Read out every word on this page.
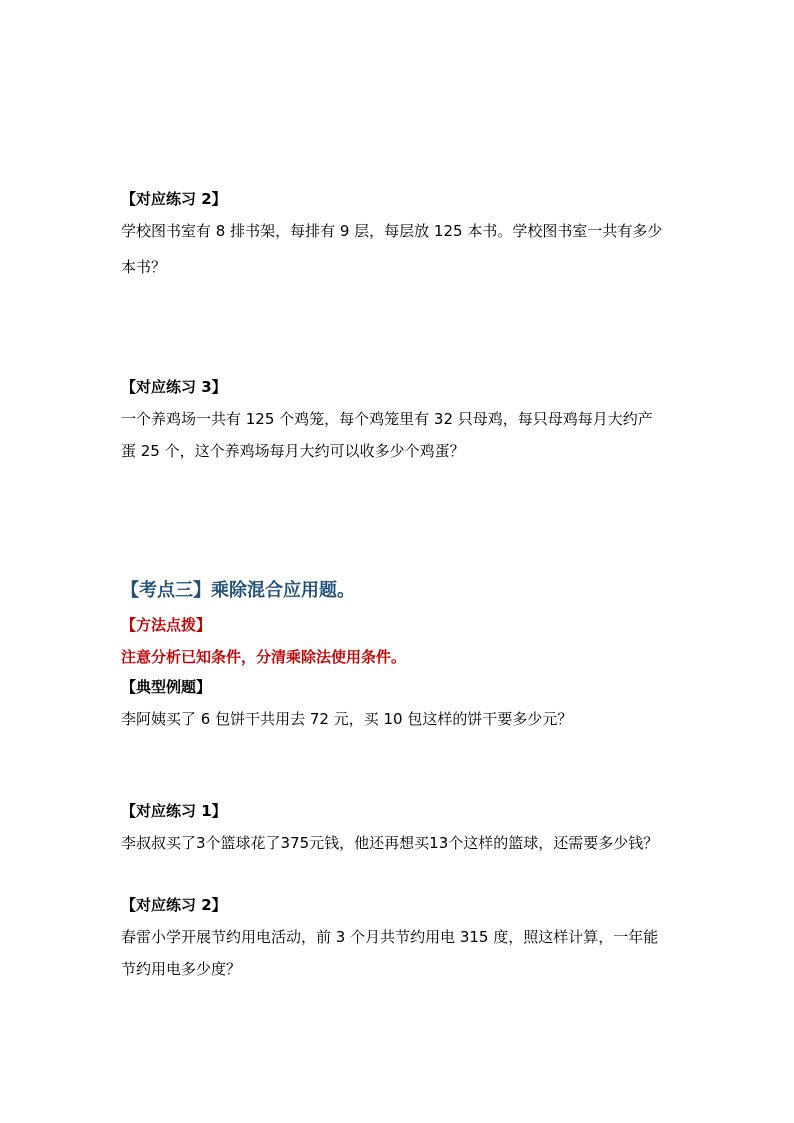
【对应练习 2】
学校图书室有 8 排书架，每排有 9 层，每层放 125 本书。学校图书室一共有多少
本书？
【对应练习 3】
一个养鸡场一共有 125 个鸡笼，每个鸡笼里有 32 只母鸡，每只母鸡每月大约产
蛋 25 个，这个养鸡场每月大约可以收多少个鸡蛋？
【考点三】乘除混合应用题。
【方法点拨】
注意分析已知条件，分清乘除法使用条件。
【典型例题】
李阿姨买了 6 包饼干共用去 72 元，买 10 包这样的饼干要多少元？
【对应练习 1】
李叔叔买了3个篮球花了375元钱，他还再想买13个这样的篮球，还需要多少钱？
【对应练习 2】
春雷小学开展节约用电活动，前 3 个月共节约用电 315 度，照这样计算，一年能
节约用电多少度？
